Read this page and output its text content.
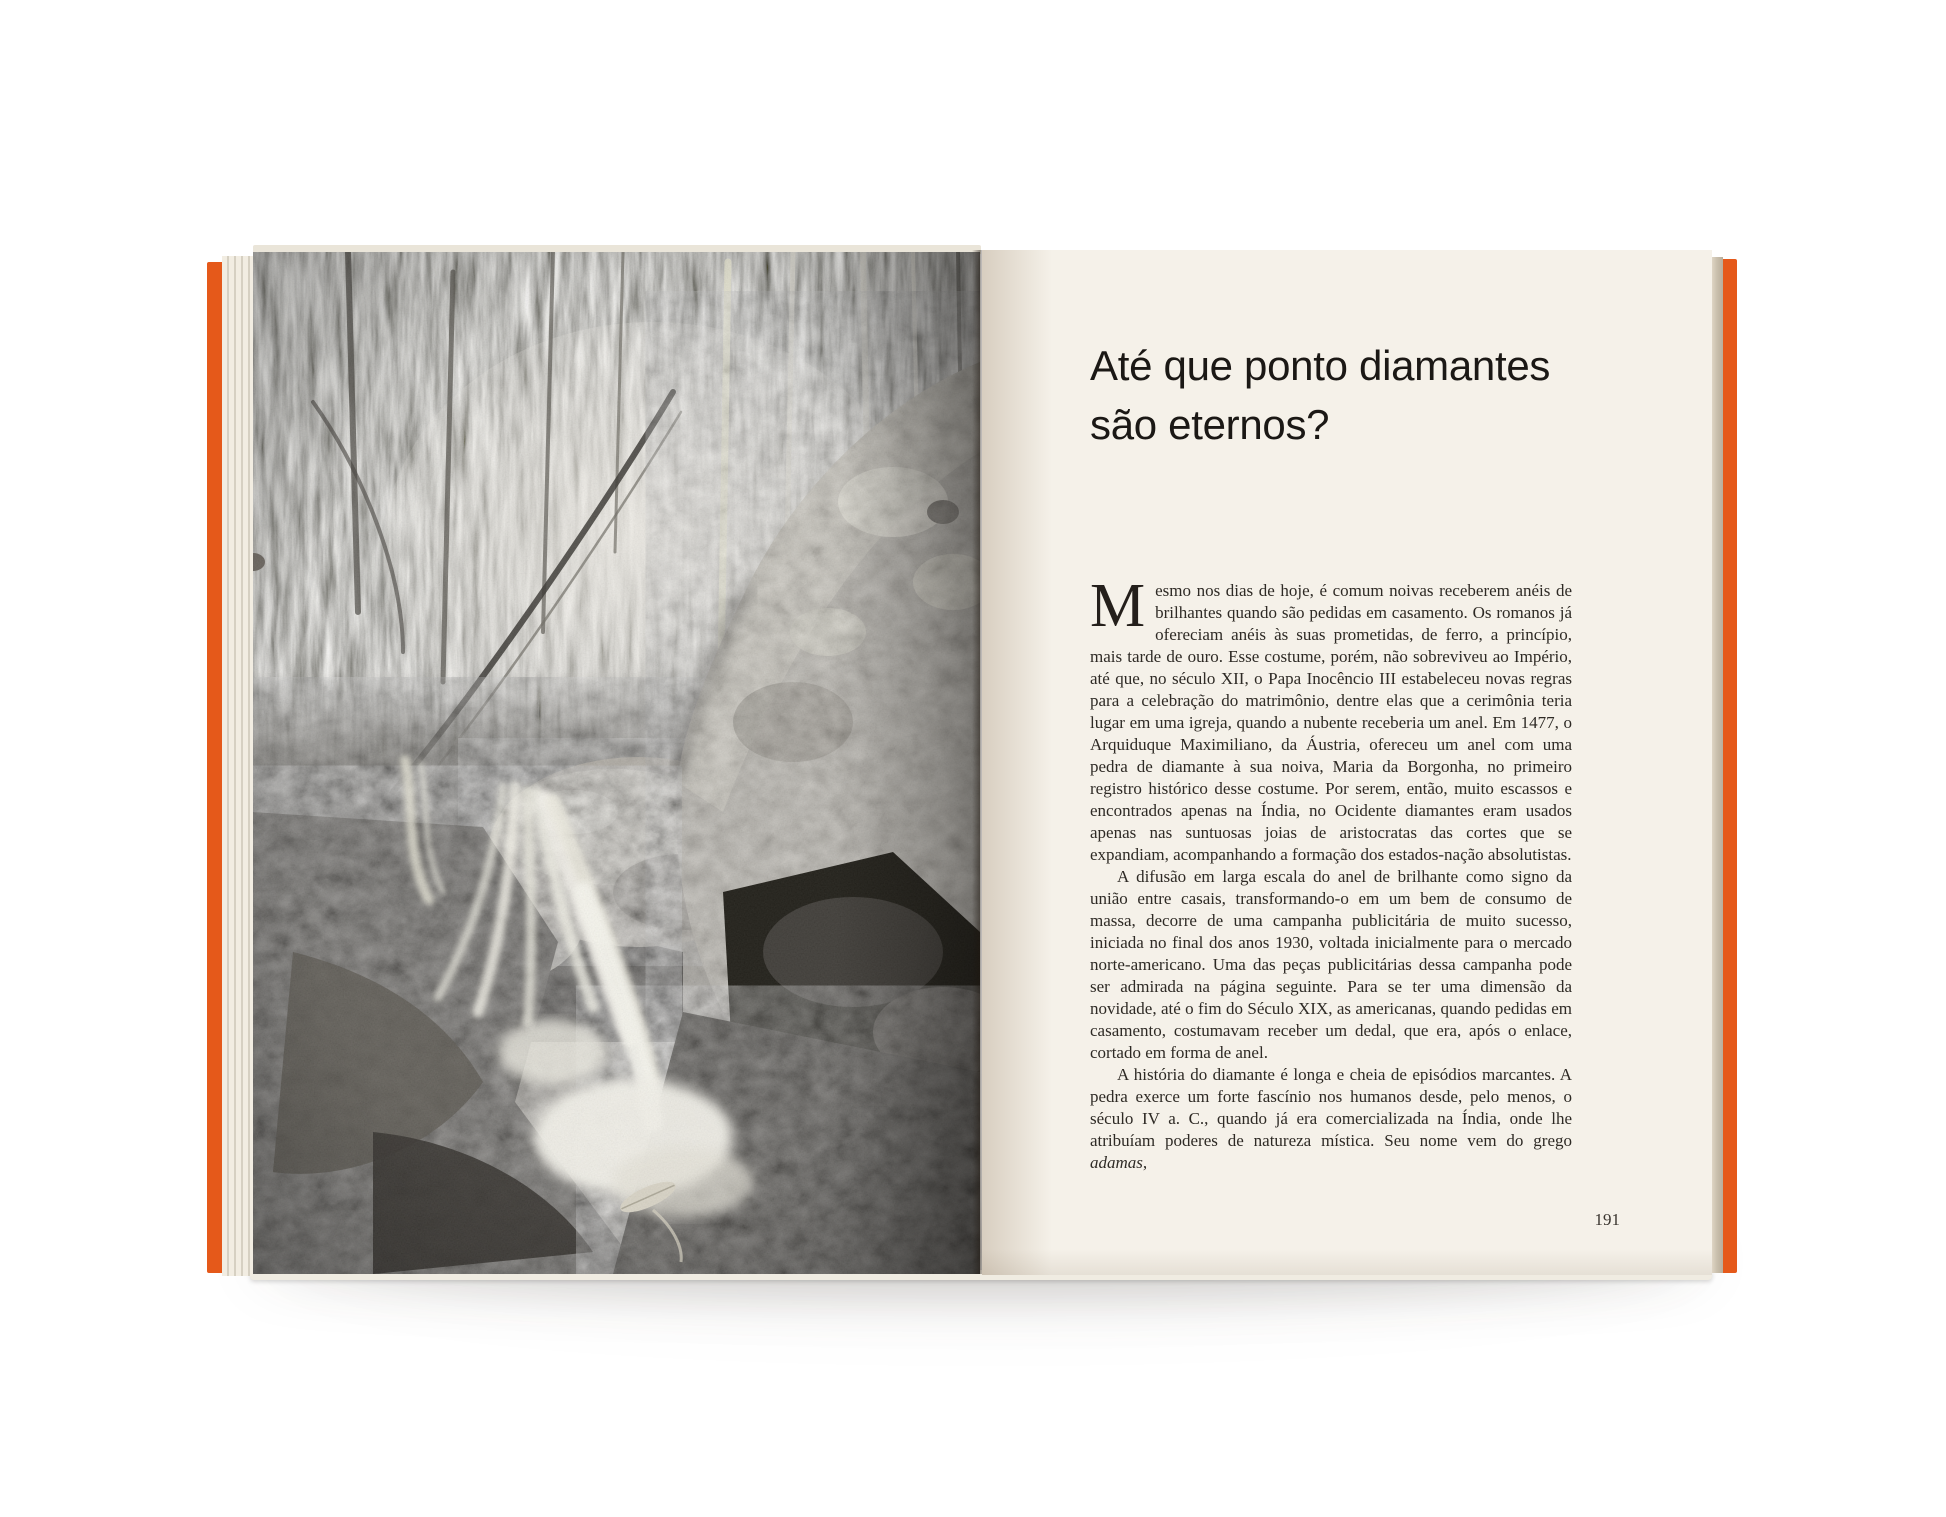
Até que ponto diamantes
são eternos?

Mesmo nos dias de hoje, é comum noivas receberem anéis de brilhantes quando são pedidas em casamento. Os romanos já ofereciam anéis às suas prometidas, de ferro, a princípio, mais tarde de ouro. Esse costume, porém, não sobreviveu ao Império, até que, no século XII, o Papa Inocêncio III estabeleceu novas regras para a celebração do matrimônio, dentre elas que a cerimônia teria lugar em uma igreja, quando a nubente receberia um anel. Em 1477, o Arquiduque Maximiliano, da Áustria, ofereceu um anel com uma pedra de diamante à sua noiva, Maria da Borgonha, no primeiro registro histórico desse costume. Por serem, então, muito escassos e encontrados apenas na Índia, no Ocidente diamantes eram usados apenas nas suntuosas joias de aristocratas das cortes que se expandiam, acompanhando a formação dos estados-nação absolutistas.

A difusão em larga escala do anel de brilhante como signo da união entre casais, transformando-o em um bem de consumo de massa, decorre de uma campanha publicitária de muito sucesso, iniciada no final dos anos 1930, voltada inicialmente para o mercado norte-americano. Uma das peças publicitárias dessa campanha pode ser admirada na página seguinte. Para se ter uma dimensão da novidade, até o fim do Século XIX, as americanas, quando pedidas em casamento, costumavam receber um dedal, que era, após o enlace, cortado em forma de anel.

A história do diamante é longa e cheia de episódios marcantes. A pedra exerce um forte fascínio nos humanos desde, pelo menos, o século IV a. C., quando já era comercializada na Índia, onde lhe atribuíam poderes de natureza mística. Seu nome vem do grego adamas,

191
